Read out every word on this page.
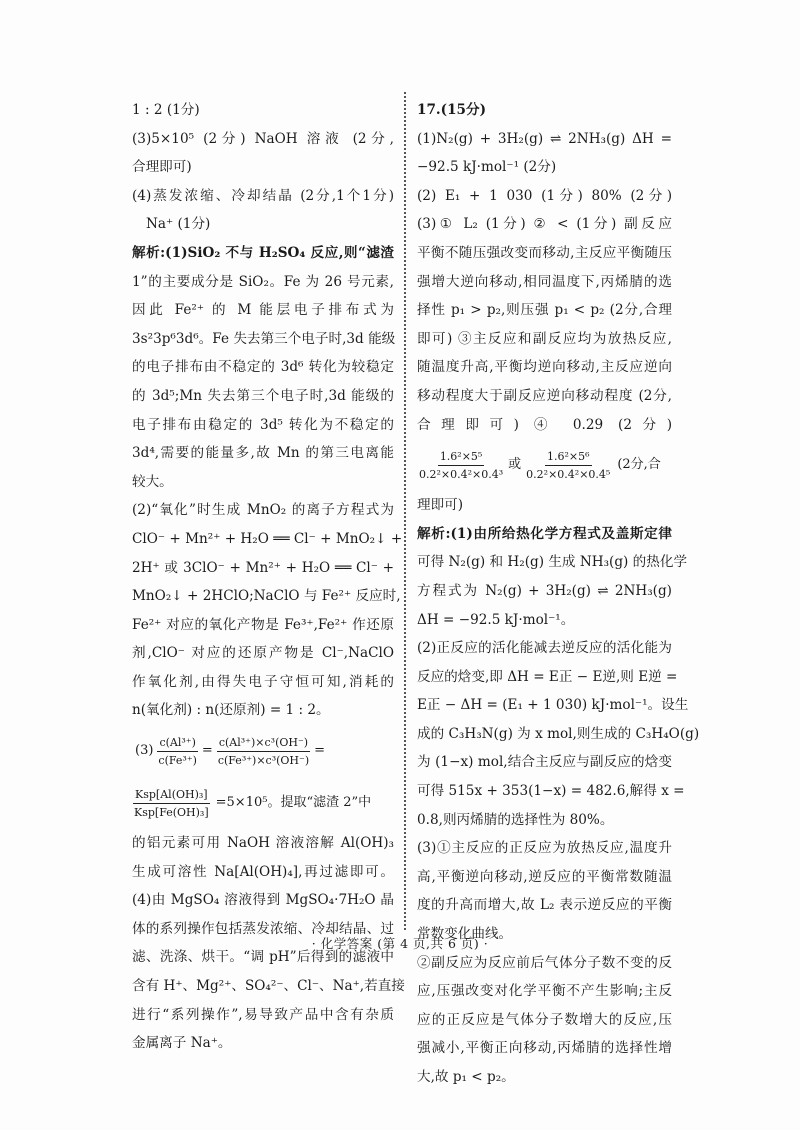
1 : 2 (1分)
(3)5×10⁵ (2分) NaOH 溶液 (2分,
合理即可)
(4)蒸发浓缩、冷却结晶 (2分,1个1分)
Na⁺ (1分)
解析:(1)SiO₂ 不与 H₂SO₄ 反应,则“滤渣
1”的主要成分是 SiO₂。Fe 为 26 号元素,
因此 Fe²⁺ 的 M 能层电子排布式为
3s²3p⁶3d⁶。Fe 失去第三个电子时,3d 能级
的电子排布由不稳定的 3d⁶ 转化为较稳定
的 3d⁵;Mn 失去第三个电子时,3d 能级的
电子排布由稳定的 3d⁵ 转化为不稳定的
3d⁴,需要的能量多,故 Mn 的第三电离能
较大。
(2)“氧化”时生成 MnO₂ 的离子方程式为
ClO⁻ + Mn²⁺ + H₂O ══ Cl⁻ + MnO₂↓ +
2H⁺ 或 3ClO⁻ + Mn²⁺ + H₂O ══ Cl⁻ +
MnO₂↓ + 2HClO;NaClO 与 Fe²⁺ 反应时,
Fe²⁺ 对应的氧化产物是 Fe³⁺,Fe²⁺ 作还原
剂,ClO⁻ 对应的还原产物是 Cl⁻,NaClO
作氧化剂,由得失电子守恒可知,消耗的
n(氧化剂) : n(还原剂) = 1 : 2。
$(3) \frac{\text{c(Al³⁺)}}{\text{c(Fe³⁺)}} = \frac{\text{c(Al³⁺)×c³(OH⁻)}}{\text{c(Fe³⁺)×c³(OH⁻)}}$ =
$\frac{\text{Ksp[Al(OH)₃]}}{\text{Ksp[Fe(OH)₃]}} =5\times 10^5$。提取“滤渣 2”中
的铝元素可用 NaOH 溶液溶解 Al(OH)₃
生成可溶性 Na[Al(OH)₄],再过滤即可。
(4)由 MgSO₄ 溶液得到 MgSO₄·7H₂O 晶
体的系列操作包括蒸发浓缩、冷却结晶、过
滤、洗涤、烘干。“调 pH”后得到的滤液中
含有 H⁺、Mg²⁺、SO₄²⁻、Cl⁻、Na⁺,若直接
进行“系列操作”,易导致产品中含有杂质
金属离子 Na⁺。
17.(15分)
(1)N₂(g) + 3H₂(g) ⇌ 2NH₃(g) ΔH =
−92.5 kJ·mol⁻¹ (2分)
(2) E₁ + 1 030 (1分) 80% (2分)
(3)① L₂ (1分) ② < (1分) 副反应
平衡不随压强改变而移动,主反应平衡随压
强增大逆向移动,相同温度下,丙烯腈的选
择性 p₁ > p₂,则压强 p₁ < p₂ (2分,合理
即可) ③主反应和副反应均为放热反应,
随温度升高,平衡均逆向移动,主反应逆向
移动程度大于副反应逆向移动程度 (2分,
合理即可) ④ 0.29 (2分)
$\frac{\text{1.6²×5⁵}}{\text{0.2²×0.4²×0.4³}}$ 或 $\frac{\text{1.6²×5⁶}}{\text{0.2²×0.4²×0.4⁵}} (2$分,合
理即可)
解析:(1)由所给热化学方程式及盖斯定律
可得 N₂(g) 和 H₂(g) 生成 NH₃(g) 的热化学
方程式为 N₂(g) + 3H₂(g) ⇌ 2NH₃(g)
ΔH = −92.5 kJ·mol⁻¹。
(2)正反应的活化能减去逆反应的活化能为
反应的焓变,即 ΔH = E正 − E逆,则 E逆 =
E正 − ΔH = (E₁ + 1 030) kJ·mol⁻¹。设生
成的 C₃H₃N(g) 为 x mol,则生成的 C₃H₄O(g)
为 (1−x) mol,结合主反应与副反应的焓变
可得 515x + 353(1−x) = 482.6,解得 x =
0.8,则丙烯腈的选择性为 80%。
(3)①主反应的正反应为放热反应,温度升
高,平衡逆向移动,逆反应的平衡常数随温
度的升高而增大,故 L₂ 表示逆反应的平衡
常数变化曲线。
②副反应为反应前后气体分子数不变的反
应,压强改变对化学平衡不产生影响;主反
应的正反应是气体分子数增大的反应,压
强减小,平衡正向移动,丙烯腈的选择性增
大,故 p₁ < p₂。
· 化学答案 (第 4 页,共 6 页) ·
